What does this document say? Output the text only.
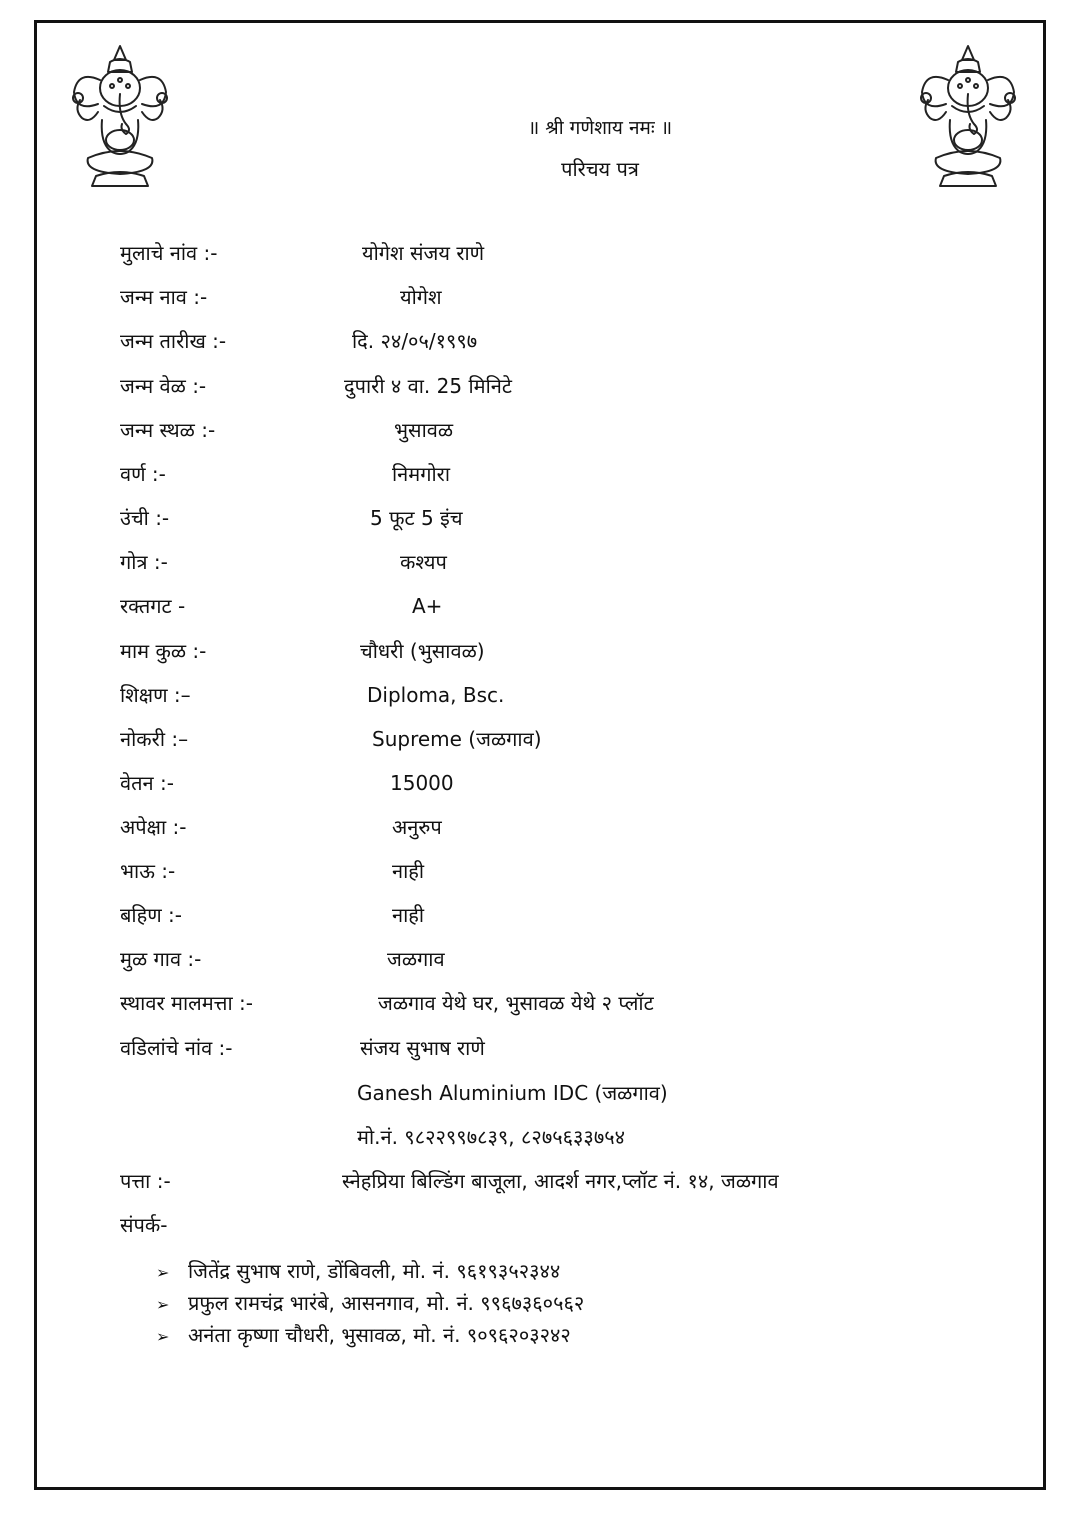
॥ श्री गणेशाय नमः ॥
परिचय पत्र
मुलाचे नांव :-	योगेश संजय राणे
जन्म नाव :-	योगेश
जन्म तारीख :-	दि. २४/०५/१९९७
जन्म वेळ :-	दुपारी ४ वा. 25 मिनिटे
जन्म स्थळ :-	भुसावळ
वर्ण :-	निमगोरा
उंची :-	5 फूट 5 इंच
गोत्र :-	कश्यप
रक्तगट -	A+
माम कुळ :-	चौधरी (भुसावळ)
शिक्षण :–	Diploma, Bsc.
नोकरी :–	Supreme (जळगाव)
वेतन :-	15000
अपेक्षा :-	अनुरुप
भाऊ :-	नाही
बहिण :-	नाही
मुळ गाव :-	जळगाव
स्थावर मालमत्ता :-	जळगाव येथे घर, भुसावळ येथे २ प्लॉट
वडिलांचे नांव :-	संजय सुभाष राणे
Ganesh Aluminium IDC (जळगाव)
मो.नं. ९८२२९९७८३९, ८२७५६३३७५४
पत्ता :-	स्नेहप्रिया बिल्डिंग बाजूला, आदर्श नगर,प्लॉट नं. १४, जळगाव
संपर्क-
➢ जितेंद्र सुभाष राणे, डोंबिवली, मो. नं. ९६१९३५२३४४
➢ प्रफुल रामचंद्र भारंबे, आसनगाव, मो. नं. ९९६७३६०५६२
➢ अनंता कृष्णा चौधरी, भुसावळ, मो. नं. ९०९६२०३२४२
